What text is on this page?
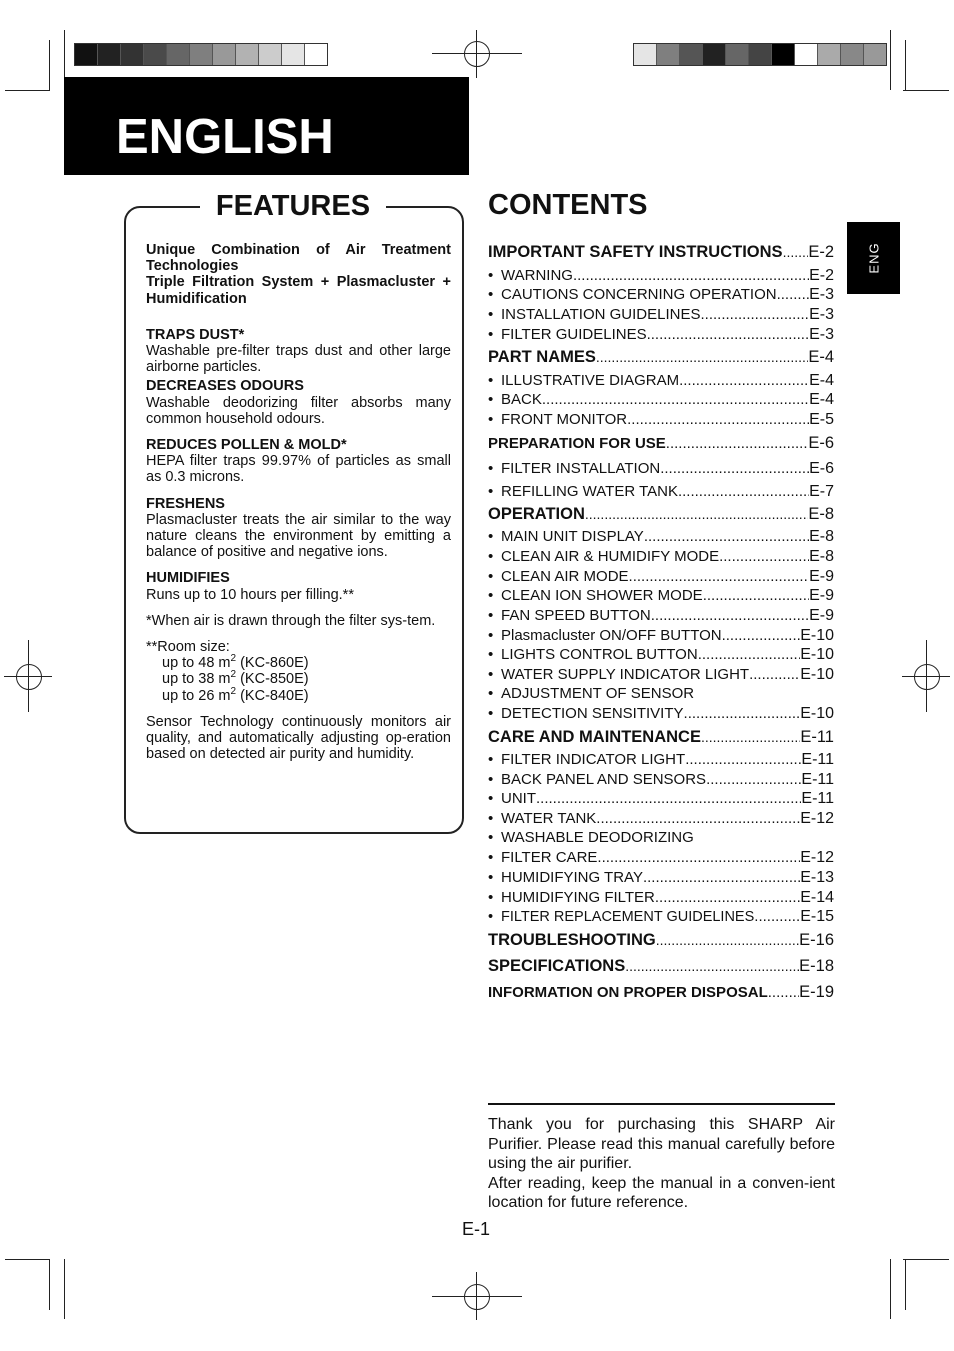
ENGLISH
ENG
FEATURES
Unique Combination of Air Treatment Technologies
Triple Filtration System + Plasmacluster + Humidification
TRAPS DUST*
Washable pre-filter traps dust and other large airborne particles.
DECREASES ODOURS
Washable deodorizing filter absorbs many common household odours.
REDUCES POLLEN & MOLD*
HEPA filter traps 99.97% of particles as small as 0.3 microns.
FRESHENS
Plasmacluster treats the air similar to the way nature cleans the environment by emitting a balance of positive and negative ions.
HUMIDIFIES
Runs up to 10 hours per filling.**
*When air is drawn through the filter sys-tem.
**Room size:
up to 48 $m^2$ (KC-860E)
up to 38 $m^2$ (KC-850E)
up to 26 $m^2$ (KC-840E)
Sensor Technology continuously monitors air quality, and automatically adjusting op-eration based on detected air purity and humidity.
CONTENTS
IMPORTANT SAFETY INSTRUCTIONS ..... E-2
• WARNING .....	E-2
• CAUTIONS CONCERNING OPERATION ..... E-3
• INSTALLATION GUIDELINES .....	E-3
• FILTER GUIDELINES .....	E-3
PART NAMES .....	E-4
• ILLUSTRATIVE DIAGRAM .....	E-4
• BACK .....	E-4
• FRONT MONITOR .....	E-5
PREPARATION FOR USE .....	E-6
• FILTER INSTALLATION .....	E-6
• REFILLING WATER TANK .....	E-7
OPERATION .....	E-8
• MAIN UNIT DISPLAY .....	E-8
• CLEAN AIR & HUMIDIFY MODE .....	E-8
• CLEAN AIR MODE .....	E-9
• CLEAN ION SHOWER MODE .....	E-9
• FAN SPEED BUTTON .....	E-9
• Plasmacluster ON/OFF BUTTON .....	E-10
• LIGHTS CONTROL BUTTON .....	E-10
• WATER SUPPLY INDICATOR LIGHT .....	E-10
• ADJUSTMENT OF SENSOR
• DETECTION SENSITIVITY .....	E-10
CARE AND MAINTENANCE .....	E-11
• FILTER INDICATOR LIGHT .....	E-11
• BACK PANEL AND SENSORS .....	E-11
• UNIT .....	E-11
• WATER TANK .....	E-12
• WASHABLE DEODORIZING
• FILTER CARE .....	E-12
• HUMIDIFYING TRAY .....	E-13
• HUMIDIFYING FILTER .....	E-14
• FILTER REPLACEMENT GUIDELINES .....	E-15
TROUBLESHOOTING .....	E-16
SPECIFICATIONS .....	E-18
INFORMATION ON PROPER DISPOSAL ..... E-19
Thank you for purchasing this SHARP Air Purifier. Please read this manual carefully before using the air purifier.
After reading, keep the manual in a conven-ient location for future reference.
E-1
